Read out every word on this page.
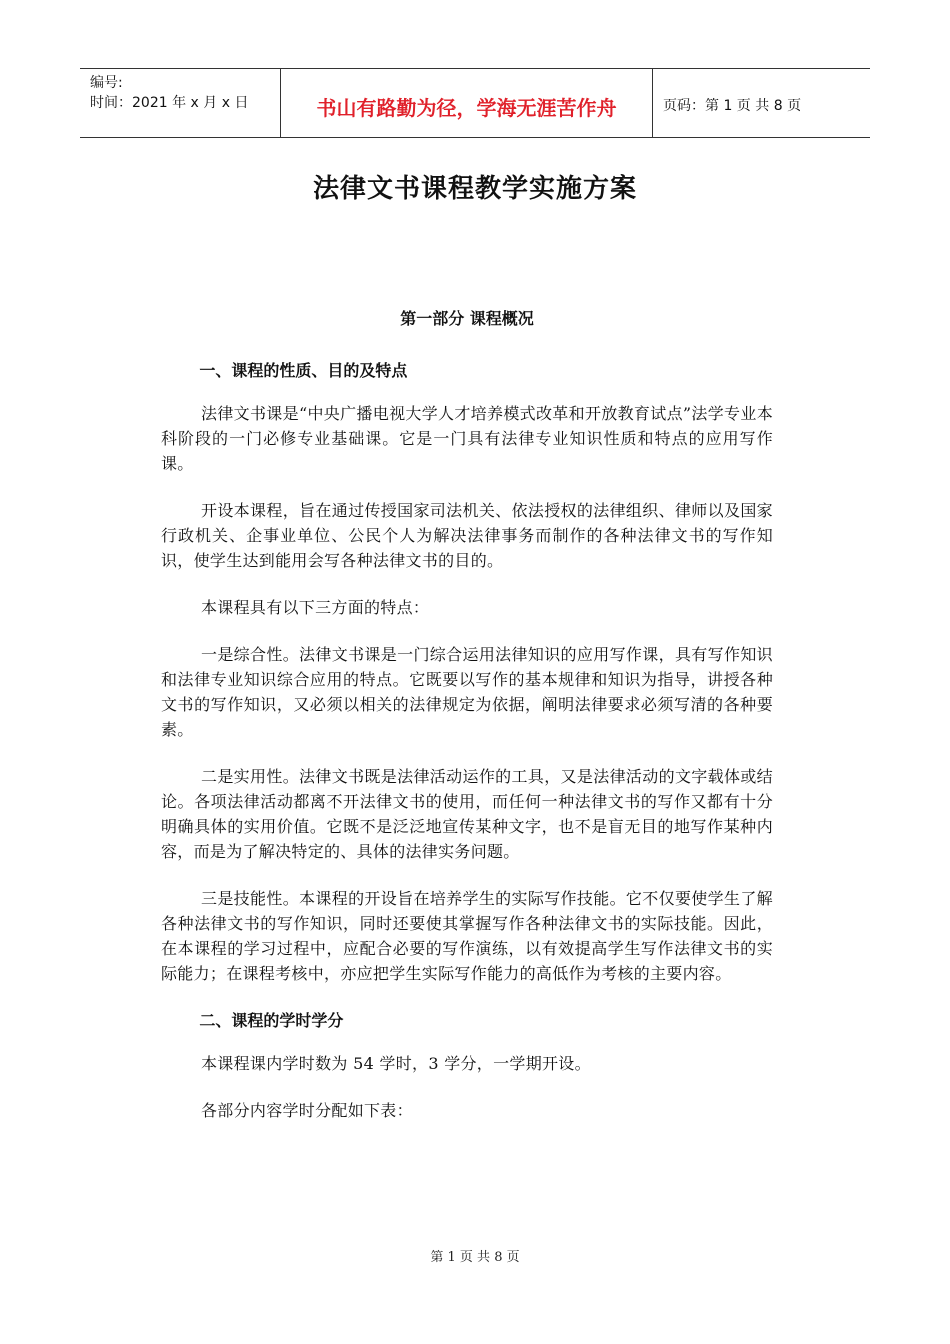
编号:
时间：2021 年 x 月 x 日	书山有路勤为径，学海无涯苦作舟	页码：第 1 页 共 8 页
法律文书课程教学实施方案
第一部分 课程概况
一、课程的性质、目的及特点

法律文书课是“中央广播电视大学人才培养模式改革和开放教育试点”法学专业本科阶段的一门必修专业基础课。它是一门具有法律专业知识性质和特点的应用写作课。

开设本课程，旨在通过传授国家司法机关、依法授权的法律组织、律师以及国家行政机关、企事业单位、公民个人为解决法律事务而制作的各种法律文书的写作知识，使学生达到能用会写各种法律文书的目的。

本课程具有以下三方面的特点：

一是综合性。法律文书课是一门综合运用法律知识的应用写作课，具有写作知识和法律专业知识综合应用的特点。它既要以写作的基本规律和知识为指导，讲授各种文书的写作知识，又必须以相关的法律规定为依据，阐明法律要求必须写清的各种要素。

二是实用性。法律文书既是法律活动运作的工具，又是法律活动的文字载体或结论。各项法律活动都离不开法律文书的使用，而任何一种法律文书的写作又都有十分明确具体的实用价值。它既不是泛泛地宣传某种文字，也不是盲无目的地写作某种内容，而是为了解决特定的、具体的法律实务问题。

三是技能性。本课程的开设旨在培养学生的实际写作技能。它不仅要使学生了解各种法律文书的写作知识，同时还要使其掌握写作各种法律文书的实际技能。因此，在本课程的学习过程中，应配合必要的写作演练，以有效提高学生写作法律文书的实际能力；在课程考核中，亦应把学生实际写作能力的高低作为考核的主要内容。

二、课程的学时学分

本课程课内学时数为 54 学时，3 学分，一学期开设。

各部分内容学时分配如下表：

第 1 页 共 8 页
